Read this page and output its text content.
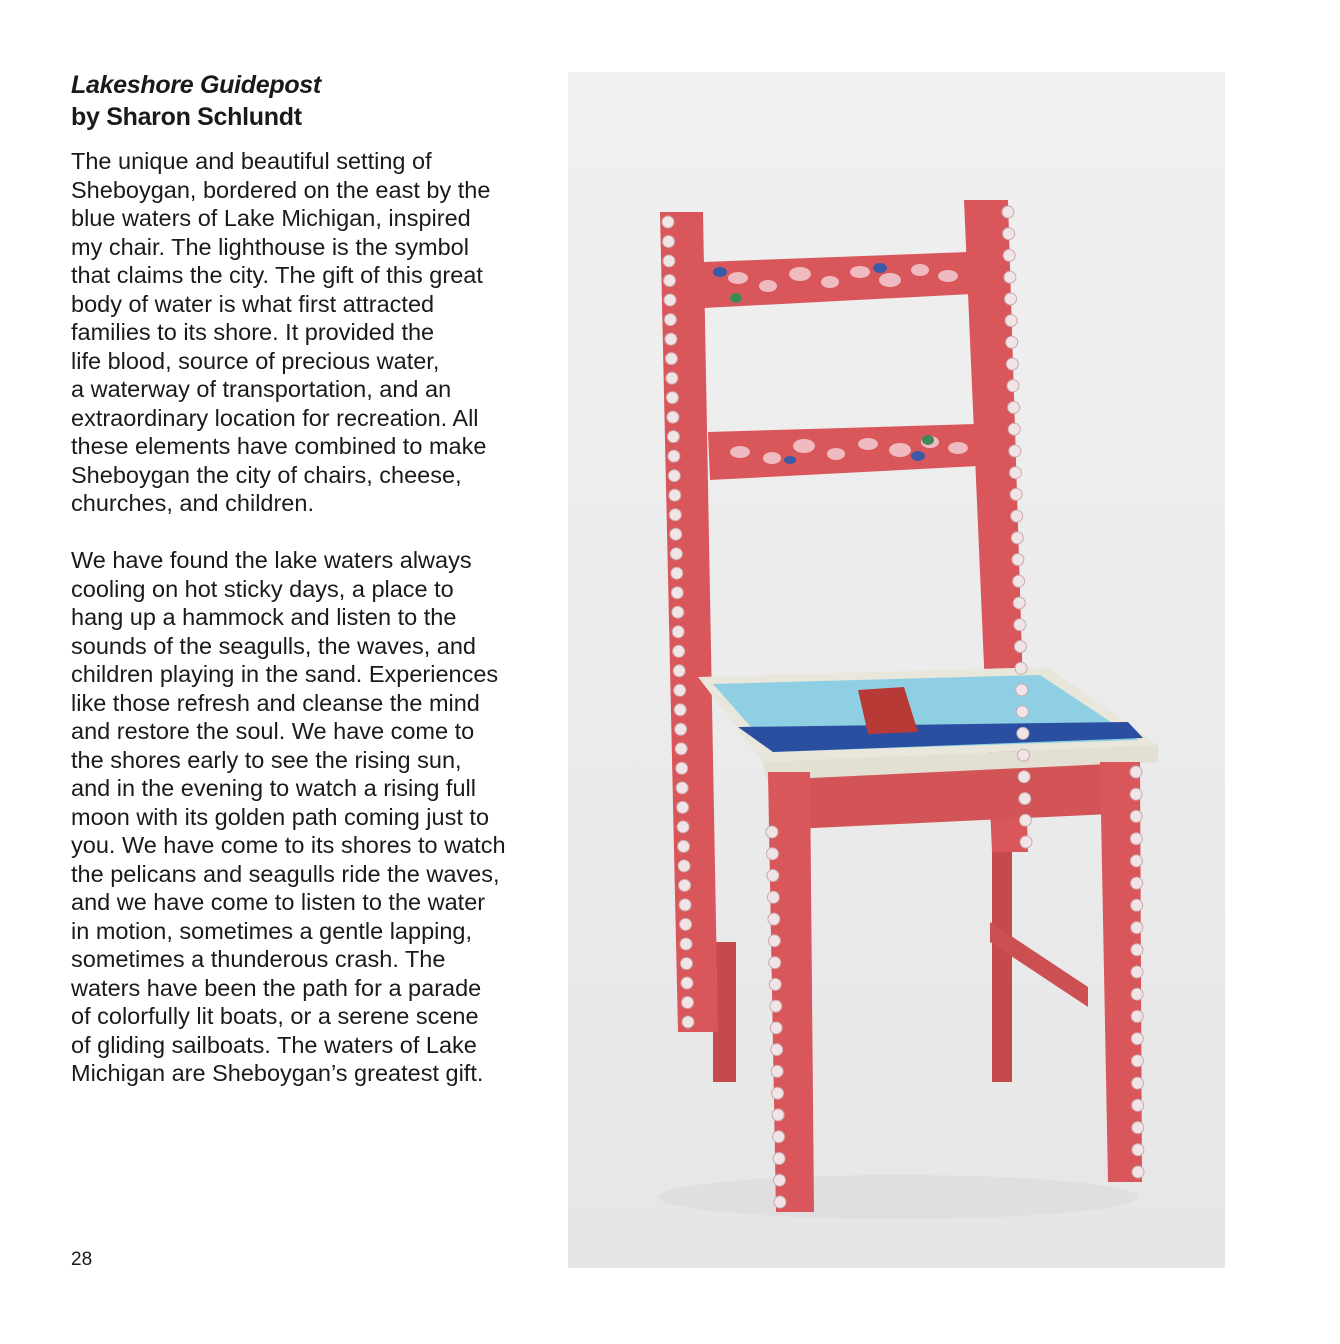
Lakeshore Guidepost
by Sharon Schlundt

The unique and beautiful setting of
Sheboygan, bordered on the east by the
blue waters of Lake Michigan, inspired
my chair. The lighthouse is the symbol
that claims the city. The gift of this great
body of water is what first attracted
families to its shore. It provided the
life blood, source of precious water,
a waterway of transportation, and an
extraordinary location for recreation. All
these elements have combined to make
Sheboygan the city of chairs, cheese,
churches, and children.

We have found the lake waters always
cooling on hot sticky days, a place to
hang up a hammock and listen to the
sounds of the seagulls, the waves, and
children playing in the sand. Experiences
like those refresh and cleanse the mind
and restore the soul. We have come to
the shores early to see the rising sun,
and in the evening to watch a rising full
moon with its golden path coming just to
you. We have come to its shores to watch
the pelicans and seagulls ride the waves,
and we have come to listen to the water
in motion, sometimes a gentle lapping,
sometimes a thunderous crash. The
waters have been the path for a parade
of colorfully lit boats, or a serene scene
of gliding sailboats. The waters of Lake
Michigan are Sheboygan’s greatest gift.

28
